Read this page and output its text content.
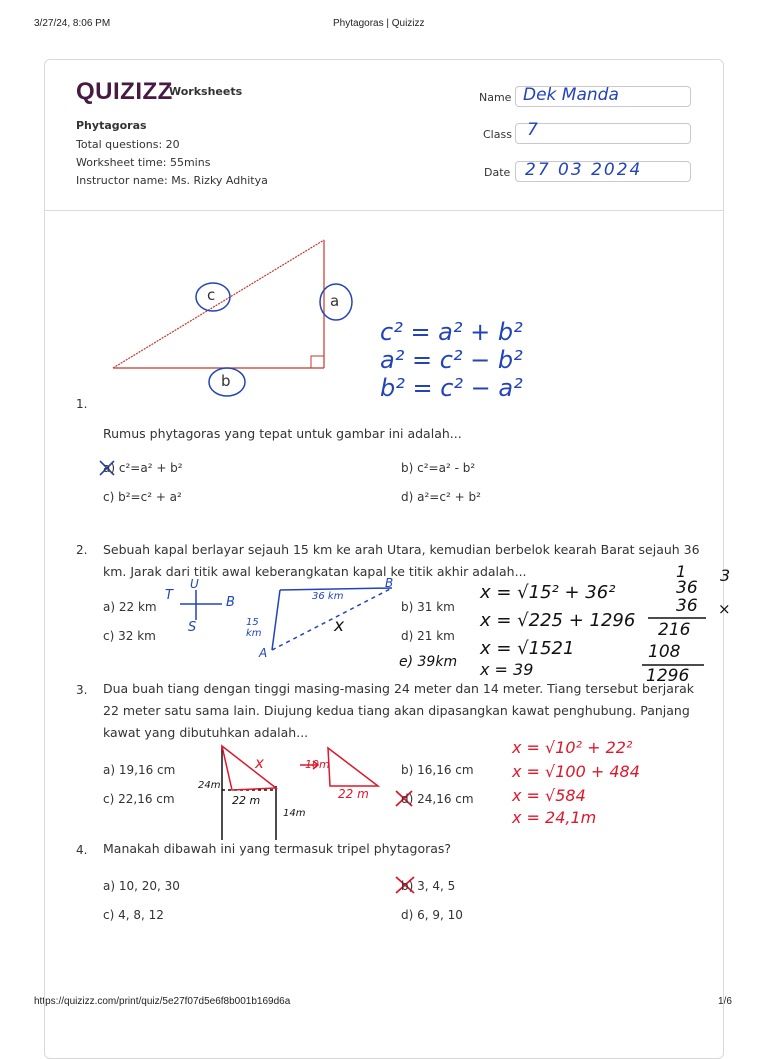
3/27/24, 8:06 PM	Phytagoras | Quizizz
https://quizizz.com/print/quiz/5e27f07d5e6f8b001b169d6a	1/6
QUIZIZZ
Worksheets
Phytagoras
Total questions: 20
Worksheet time: 55mins
Instructor name: Ms. Rizky Adhitya
Name Dek Manda
Class 7
Date 27 03 2024
c	a
b
c² = a² + b²
a² = c² − b²
b² = c² − a²
1.
Rumus phytagoras yang tepat untuk gambar ini adalah...
a) c²=a² + b²	b) c²=a² - b²
c) b²=c² + a²	d) a²=c² + b²
2. Sebuah kapal berlayar sejauh 15 km ke arah Utara, kemudian berbelok kearah Barat sejauh 36 km. Jarak dari titik awal keberangkatan kapal ke titik akhir adalah...
a) 22 km	b) 31 km
c) 32 km	d) 21 km
U
T	B
S
36 km
15 km
A
B
x
e) 39km
x = √15² + 36²
x = √225 + 1296
x = √1521
x = 39
1 3
36
36 ×
216
108
1296
3. Dua buah tiang dengan tinggi masing-masing 24 meter dan 14 meter. Tiang tersebut berjarak 22 meter satu sama lain. Diujung kedua tiang akan dipasangkan kawat penghubung. Panjang kawat yang dibutuhkan adalah...
a) 19,16 cm	b) 16,16 cm
c) 22,16 cm	d) 24,16 cm
24m
22 m
14m
x	10m
22 m
x = √10² + 22²
x = √100 + 484
x = √584
x = 24,1m
4. Manakah dibawah ini yang termasuk tripel phytagoras?
a) 10, 20, 30	b) 3, 4, 5
c) 4, 8, 12	d) 6, 9, 10
